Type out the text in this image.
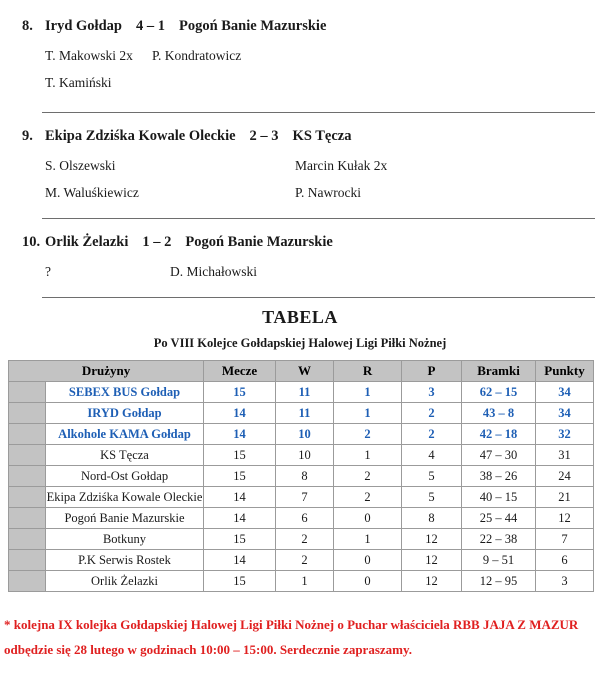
8. Iryd Gołdap 4 – 1 Pogoń Banie Mazurskie
T. Makowski 2x	P. Kondratowicz
T. Kamiński
9. Ekipa Zdziśka Kowale Oleckie 2 – 3 KS Tęcza
S. Olszewski	Marcin Kułak 2x
M. Waluśkiewicz	P. Nawrocki
10. Orlik Żelazki 1 – 2 Pogoń Banie Mazurskie
?	D. Michałowski
TABELA
Po VIII Kolejce Gołdapskiej Halowej Ligi Piłki Nożnej
Drużyny		Mecze	W	R	P	Bramki	Punkty
	SEBEX BUS Gołdap	15	11	1	3	62 – 15	34
	IRYD Gołdap	14	11	1	2	43 – 8	34
	Alkohole KAMA Gołdap	14	10	2	2	42 – 18	32
	KS Tęcza	15	10	1	4	47 – 30	31
	Nord-Ost Gołdap	15	8	2	5	38 – 26	24
	Ekipa Zdziśka Kowale Oleckie	14	7	2	5	40 – 15	21
	Pogoń Banie Mazurskie	14	6	0	8	25 – 44	12
	Botkuny	15	2	1	12	22 – 38	7
	P.K Serwis Rostek	14	2	0	12	9 – 51	6
	Orlik Żelazki	15	1	0	12	12 – 95	3
* kolejna IX kolejka Gołdapskiej Halowej Ligi Piłki Nożnej o Puchar właściciela RBB JAJA Z MAZUR
odbędzie się 28 lutego w godzinach 10:00 – 15:00. Serdecznie zapraszamy.
